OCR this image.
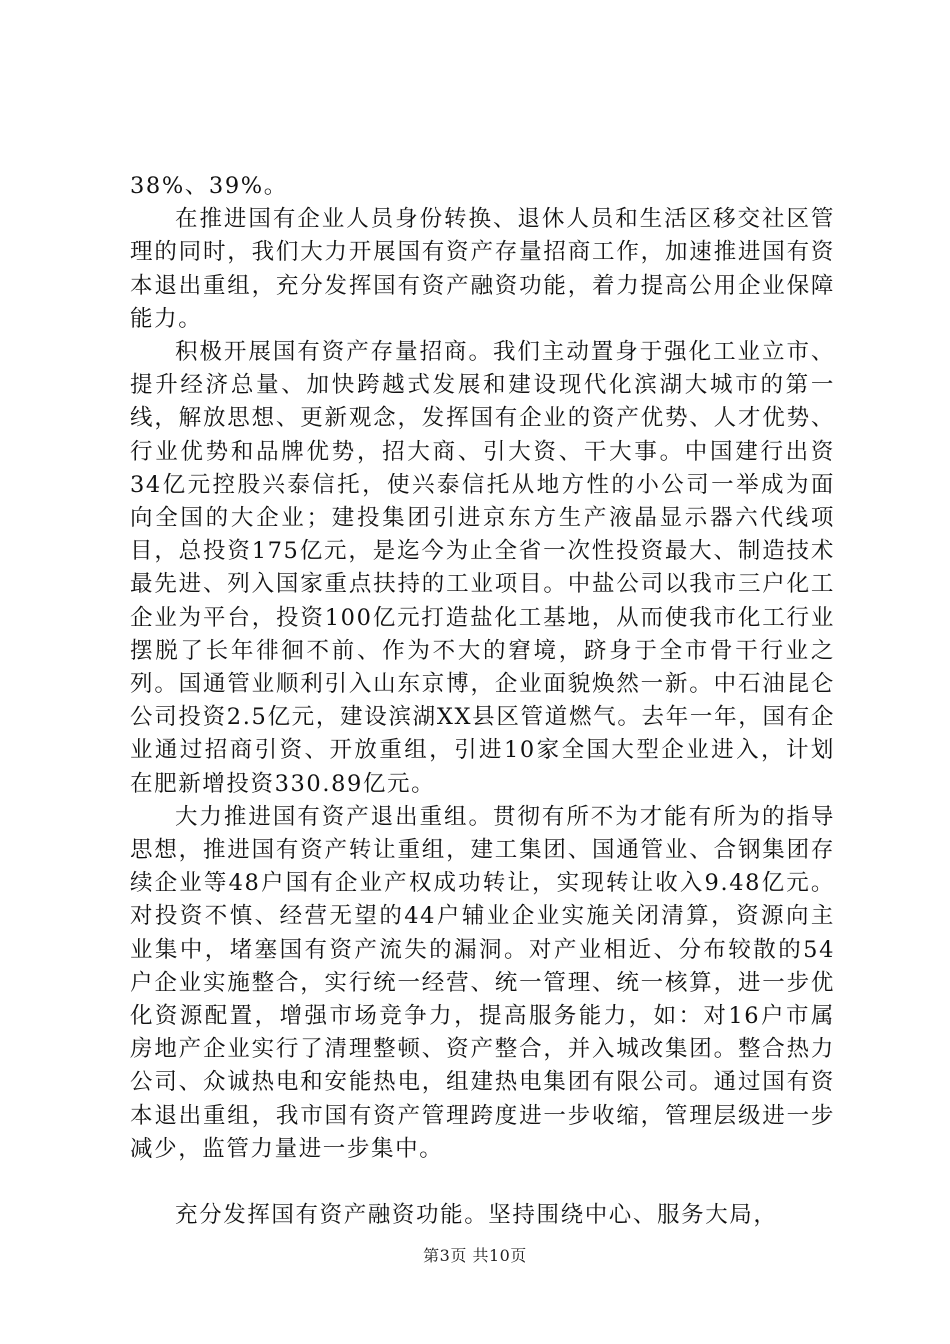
38%、39%。

在推进国有企业人员身份转换、退休人员和生活区移交社区管理的同时，我们大力开展国有资产存量招商工作，加速推进国有资本退出重组，充分发挥国有资产融资功能，着力提高公用企业保障能力。

积极开展国有资产存量招商。我们主动置身于强化工业立市、提升经济总量、加快跨越式发展和建设现代化滨湖大城市的第一线，解放思想、更新观念，发挥国有企业的资产优势、人才优势、行业优势和品牌优势，招大商、引大资、干大事。中国建行出资34亿元控股兴泰信托，使兴泰信托从地方性的小公司一举成为面向全国的大企业；建投集团引进京东方生产液晶显示器六代线项目，总投资175亿元，是迄今为止全省一次性投资最大、制造技术最先进、列入国家重点扶持的工业项目。中盐公司以我市三户化工企业为平台，投资100亿元打造盐化工基地，从而使我市化工行业摆脱了长年徘徊不前、作为不大的窘境，跻身于全市骨干行业之列。国通管业顺利引入山东京博，企业面貌焕然一新。中石油昆仑公司投资2.5亿元，建设滨湖XX县区管道燃气。去年一年，国有企业通过招商引资、开放重组，引进10家全国大型企业进入，计划在肥新增投资330.89亿元。

大力推进国有资产退出重组。贯彻有所不为才能有所为的指导思想，推进国有资产转让重组，建工集团、国通管业、合钢集团存续企业等48户国有企业产权成功转让，实现转让收入9.48亿元。对投资不慎、经营无望的44户辅业企业实施关闭清算，资源向主业集中，堵塞国有资产流失的漏洞。对产业相近、分布较散的54户企业实施整合，实行统一经营、统一管理、统一核算，进一步优化资源配置，增强市场竞争力，提高服务能力，如：对16户市属房地产企业实行了清理整顿、资产整合，并入城改集团。整合热力公司、众诚热电和安能热电，组建热电集团有限公司。通过国有资本退出重组，我市国有资产管理跨度进一步收缩，管理层级进一步减少，监管力量进一步集中。

充分发挥国有资产融资功能。坚持围绕中心、服务大局，

第3页 共10页
